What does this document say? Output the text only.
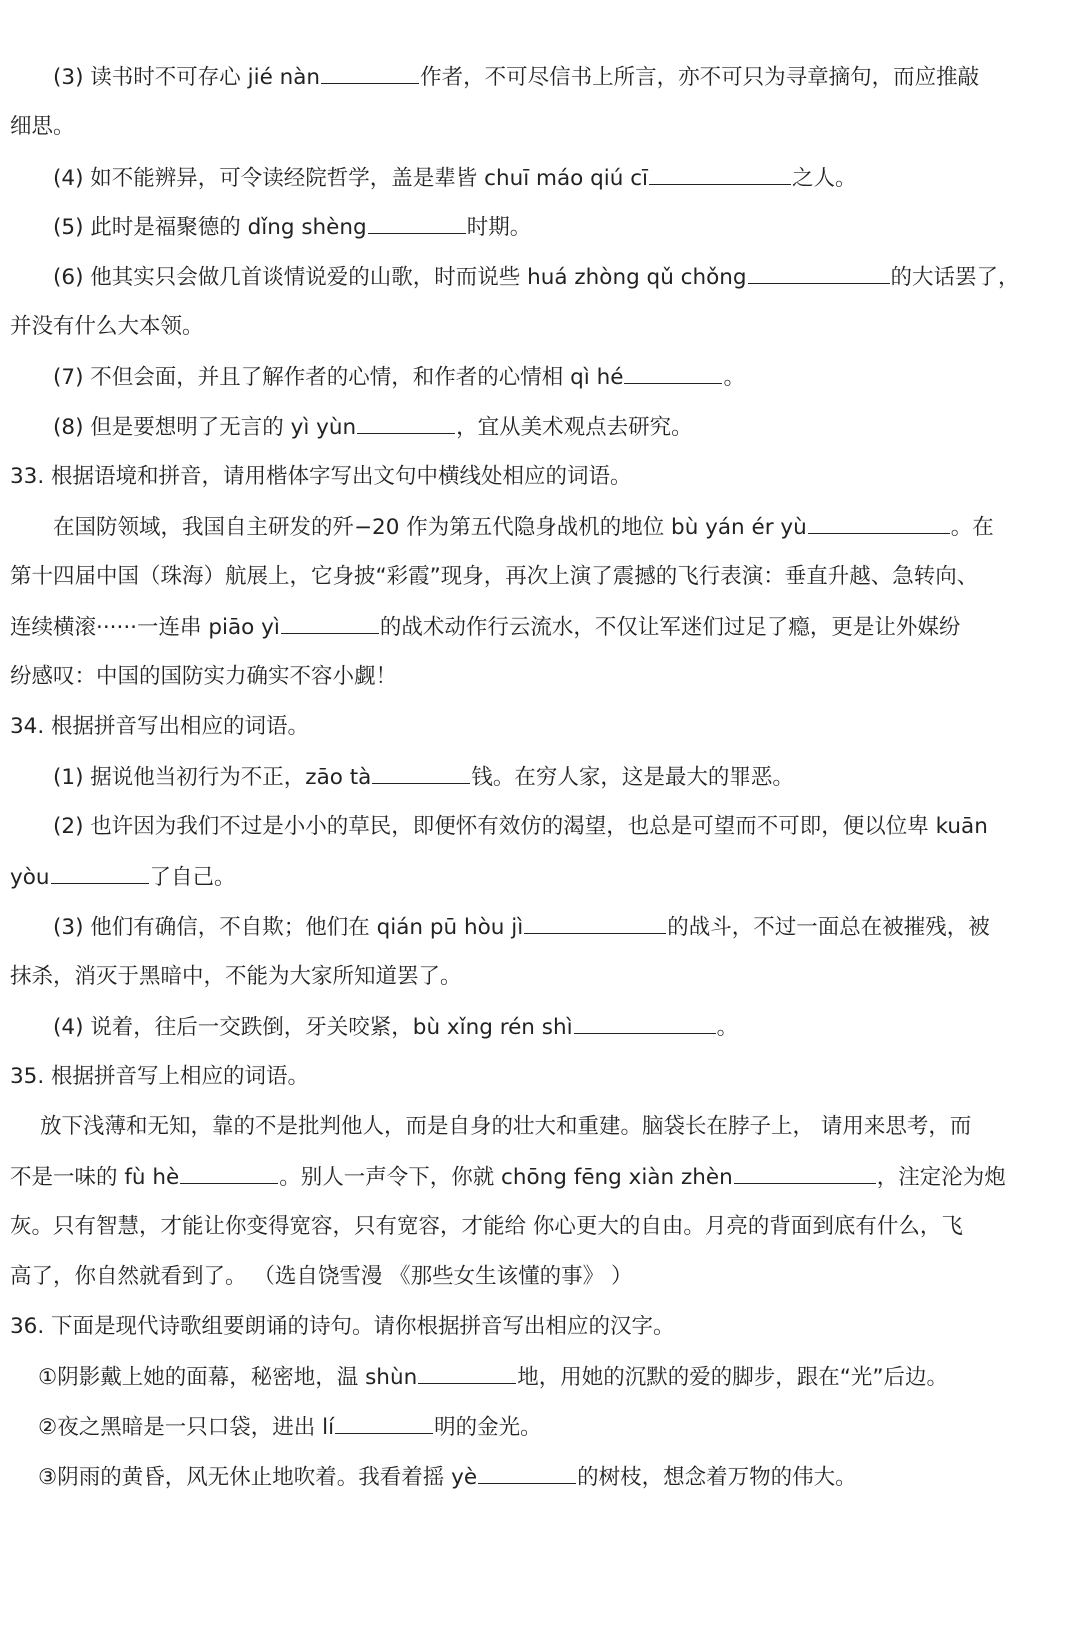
(3) 读书时不可存心 jié nàn	作者，不可尽信书上所言，亦不可只为寻章摘句，而应推敲
细思。
(4) 如不能辨异，可令读经院哲学，盖是辈皆 chuī máo qiú cī	之人。
(5) 此时是福聚德的 dǐng shèng	时期。
(6) 他其实只会做几首谈情说爱的山歌，时而说些 huá zhòng qǔ chǒng	的大话罢了，
并没有什么大本领。
(7) 不但会面，并且了解作者的心情，和作者的心情相 qì hé	。
(8) 但是要想明了无言的 yì yùn	，宜从美术观点去研究。
33. 根据语境和拼音，请用楷体字写出文句中横线处相应的词语。
在国防领域，我国自主研发的歼−20 作为第五代隐身战机的地位 bù yán ér yù	。在
第十四届中国（珠海）航展上，它身披“彩霞”现身，再次上演了震撼的飞行表演：垂直升越、急转向、
连续横滚······一连串 piāo yì	的战术动作行云流水，不仅让军迷们过足了瘾，更是让外媒纷
纷感叹：中国的国防实力确实不容小觑！
34. 根据拼音写出相应的词语。
(1) 据说他当初行为不正，zāo tà	钱。在穷人家，这是最大的罪恶。
(2) 也许因为我们不过是小小的草民，即便怀有效仿的渴望，也总是可望而不可即，便以位卑 kuān
yòu	了自己。
(3) 他们有确信，不自欺；他们在 qián pū hòu jì	的战斗，不过一面总在被摧残，被
抹杀，消灭于黑暗中，不能为大家所知道罢了。
(4) 说着，往后一交跌倒，牙关咬紧，bù xǐng rén shì	。
35. 根据拼音写上相应的词语。
放下浅薄和无知，靠的不是批判他人，而是自身的壮大和重建。脑袋长在脖子上， 请用来思考，而
不是一味的 fù hè	。别人一声令下，你就 chōng fēng xiàn zhèn	，注定沦为炮
灰。只有智慧，才能让你变得宽容，只有宽容，才能给 你心更大的自由。月亮的背面到底有什么，飞
高了，你自然就看到了。 （选自饶雪漫 《那些女生该懂的事》 ）
36. 下面是现代诗歌组要朗诵的诗句。请你根据拼音写出相应的汉字。
①阴影戴上她的面幕，秘密地，温 shùn	地，用她的沉默的爱的脚步，跟在“光”后边。
②夜之黑暗是一只口袋，进出 lí	明的金光。
③阴雨的黄昏，风无休止地吹着。我看着摇 yè	的树枝，想念着万物的伟大。
